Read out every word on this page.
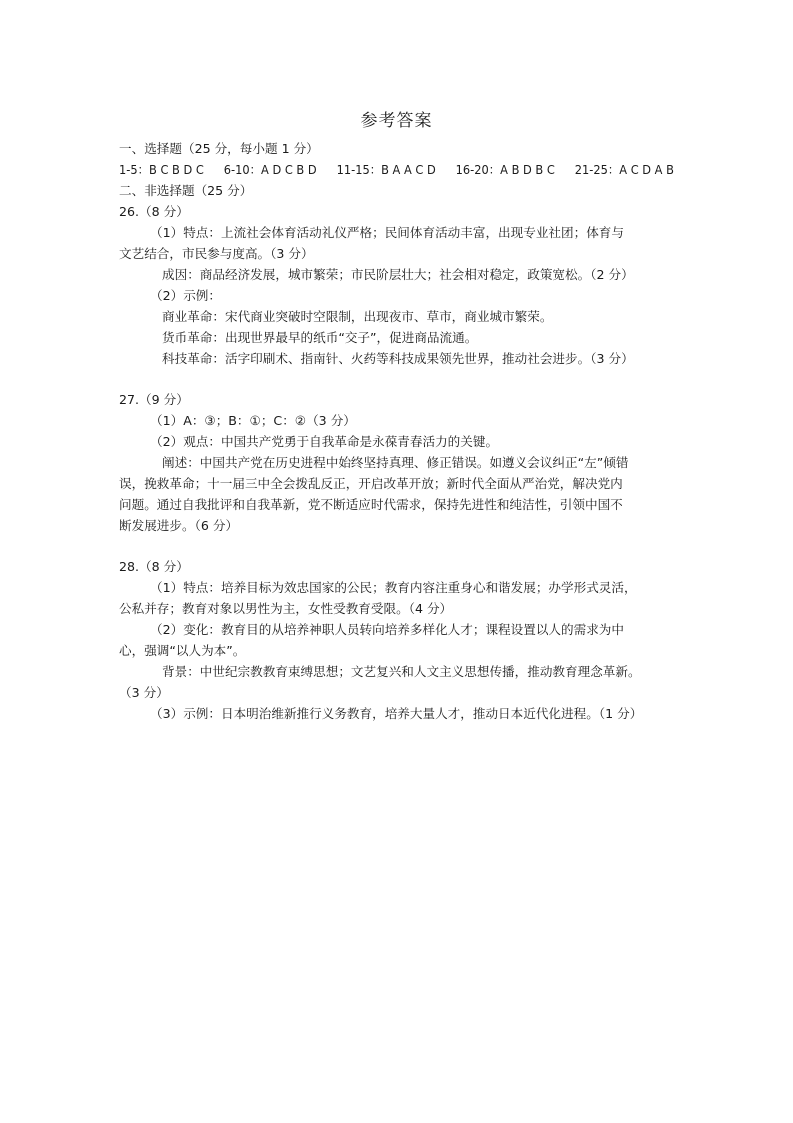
参考答案
一、选择题（25 分，每小题 1 分）
1-5：B C B D C 6-10：A D C B D 11-15：B A A C D 16-20：A B D B C 21-25：A C D A B
二、非选择题（25 分）
26.（8 分）
（1）特点：上流社会体育活动礼仪严格；民间体育活动丰富，出现专业社团；体育与
文艺结合，市民参与度高。（3 分）
成因：商品经济发展，城市繁荣；市民阶层壮大；社会相对稳定，政策宽松。（2 分）
（2）示例：
商业革命：宋代商业突破时空限制，出现夜市、草市，商业城市繁荣。
货币革命：出现世界最早的纸币“交子”，促进商品流通。
科技革命：活字印刷术、指南针、火药等科技成果领先世界，推动社会进步。（3 分）
27.（9 分）
（1）A：③；B：①；C：②（3 分）
（2）观点：中国共产党勇于自我革命是永葆青春活力的关键。
阐述：中国共产党在历史进程中始终坚持真理、修正错误。如遵义会议纠正“左”倾错
误，挽救革命；十一届三中全会拨乱反正，开启改革开放；新时代全面从严治党，解决党内
问题。通过自我批评和自我革新，党不断适应时代需求，保持先进性和纯洁性，引领中国不
断发展进步。（6 分）
28.（8 分）
（1）特点：培养目标为效忠国家的公民；教育内容注重身心和谐发展；办学形式灵活，
公私并存；教育对象以男性为主，女性受教育受限。（4 分）
（2）变化：教育目的从培养神职人员转向培养多样化人才；课程设置以人的需求为中
心，强调“以人为本”。
背景：中世纪宗教教育束缚思想；文艺复兴和人文主义思想传播，推动教育理念革新。
（3 分）
（3）示例：日本明治维新推行义务教育，培养大量人才，推动日本近代化进程。（1 分）
